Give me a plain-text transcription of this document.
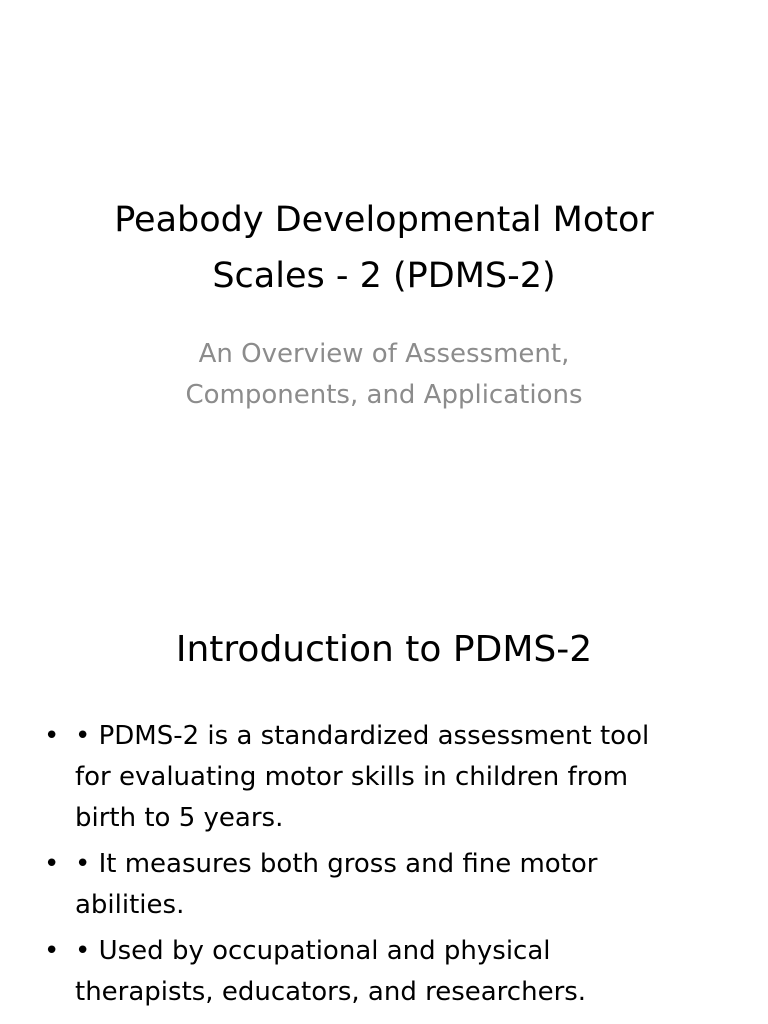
Peabody Developmental Motor
Scales - 2 (PDMS-2)
An Overview of Assessment,
Components, and Applications
Introduction to PDMS-2
• • PDMS-2 is a standardized assessment tool
for evaluating motor skills in children from
birth to 5 years.
• • It measures both gross and fine motor
abilities.
• • Used by occupational and physical
therapists, educators, and researchers.
